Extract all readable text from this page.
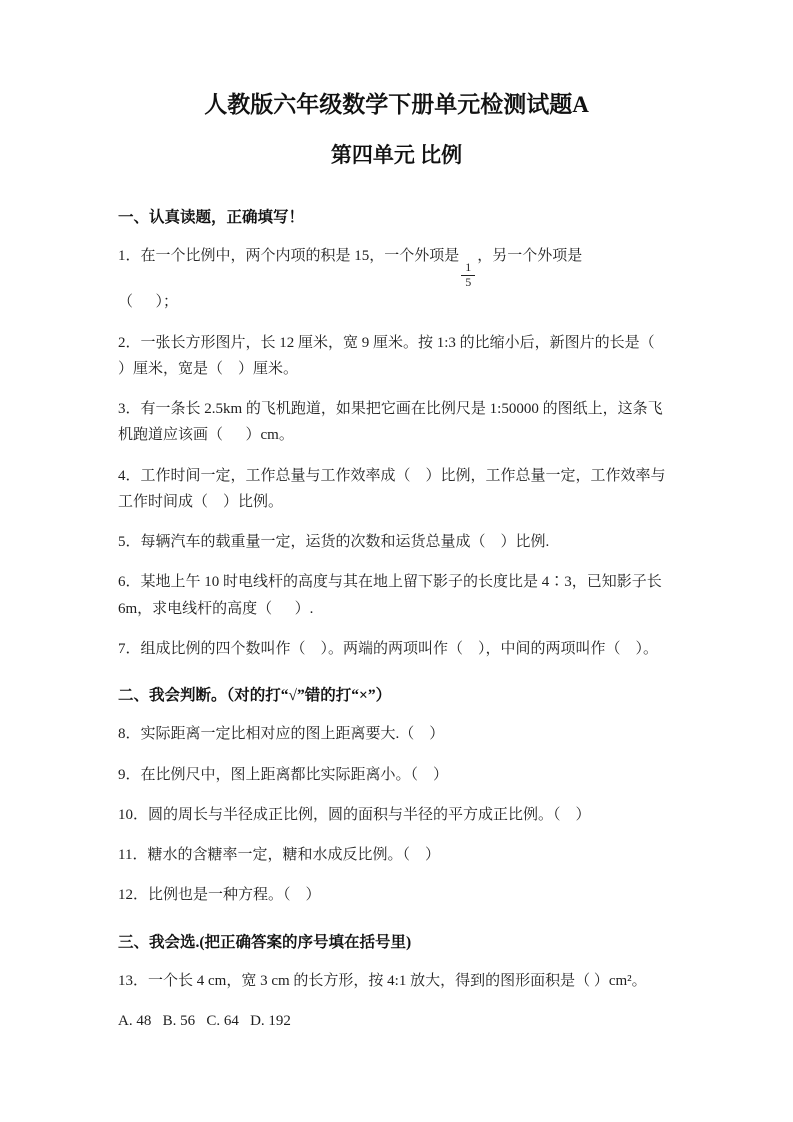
人教版六年级数学下册单元检测试题A
第四单元 比例

一、认真读题，正确填写！

1．在一个比例中，两个内项的积是 15，一个外项是
$\frac{1}{5}$
，另一个外项是
（      ）；

2．一张长方形图片，长 12 厘米，宽 9 厘米。按 1:3 的比缩小后，新图片的长是（    ）厘米，宽是（    ）厘米。

3．有一条长 2.5km 的飞机跑道，如果把它画在比例尺是 1:50000 的图纸上，这条飞机跑道应该画（      ）cm。

4．工作时间一定，工作总量与工作效率成（    ）比例，工作总量一定，工作效率与工作时间成（    ）比例。

5．每辆汽车的载重量一定，运货的次数和运货总量成（    ）比例.

6．某地上午 10 时电线杆的高度与其在地上留下影子的长度比是 4∶3，已知影子长 6m，求电线杆的高度（      ）.

7．组成比例的四个数叫作（    ）。两端的两项叫作（    ），中间的两项叫作（    ）。

二、我会判断。（对的打“√”错的打“×”）

8．实际距离一定比相对应的图上距离要大.（    ）

9．在比例尺中，图上距离都比实际距离小。（    ）

10．圆的周长与半径成正比例，圆的面积与半径的平方成正比例。（    ）

11．糖水的含糖率一定，糖和水成反比例。（    ）

12．比例也是一种方程。（    ）

三、我会选.(把正确答案的序号填在括号里)

13．一个长 4 cm，宽 3 cm 的长方形，按 4:1 放大，得到的图形面积是（ ）cm²。

A. 48   B. 56   C. 64   D. 192
